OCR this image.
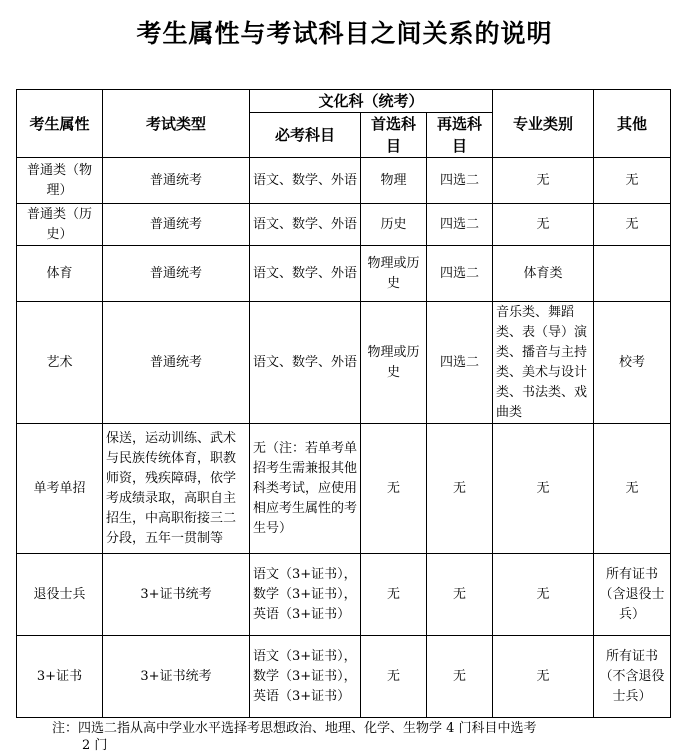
考生属性与考试科目之间关系的说明
考生属性	考试类型	文化科（统考）			专业类别	其他
		必考科目	首选科目	再选科目		
普通类（物理）	普通统考	语文、数学、外语	物理	四选二	无	无
普通类（历史）	普通统考	语文、数学、外语	历史	四选二	无	无
体育	普通统考	语文、数学、外语	物理或历史	四选二	体育类	
艺术	普通统考	语文、数学、外语	物理或历史	四选二	音乐类、舞蹈类、表（导）演类、播音与主持类、美术与设计类、书法类、戏曲类	校考
单考单招	保送，运动训练、武术与民族传统体育，职教师资，残疾障碍，依学考成绩录取，高职自主招生，中高职衔接三二分段，五年一贯制等	无（注：若单考单招考生需兼报其他科类考试，应使用相应考生属性的考生号）	无	无	无	无
退役士兵	3+证书统考	语文（3+证书），数学（3+证书），英语（3+证书）	无	无	无	所有证书（含退役士兵）
3+证书	3+证书统考	语文（3+证书），数学（3+证书），英语（3+证书）	无	无	无	所有证书（不含退役士兵）
注：四选二指从高中学业水平选择考思想政治、地理、化学、生物学 4 门科目中选考
2 门
